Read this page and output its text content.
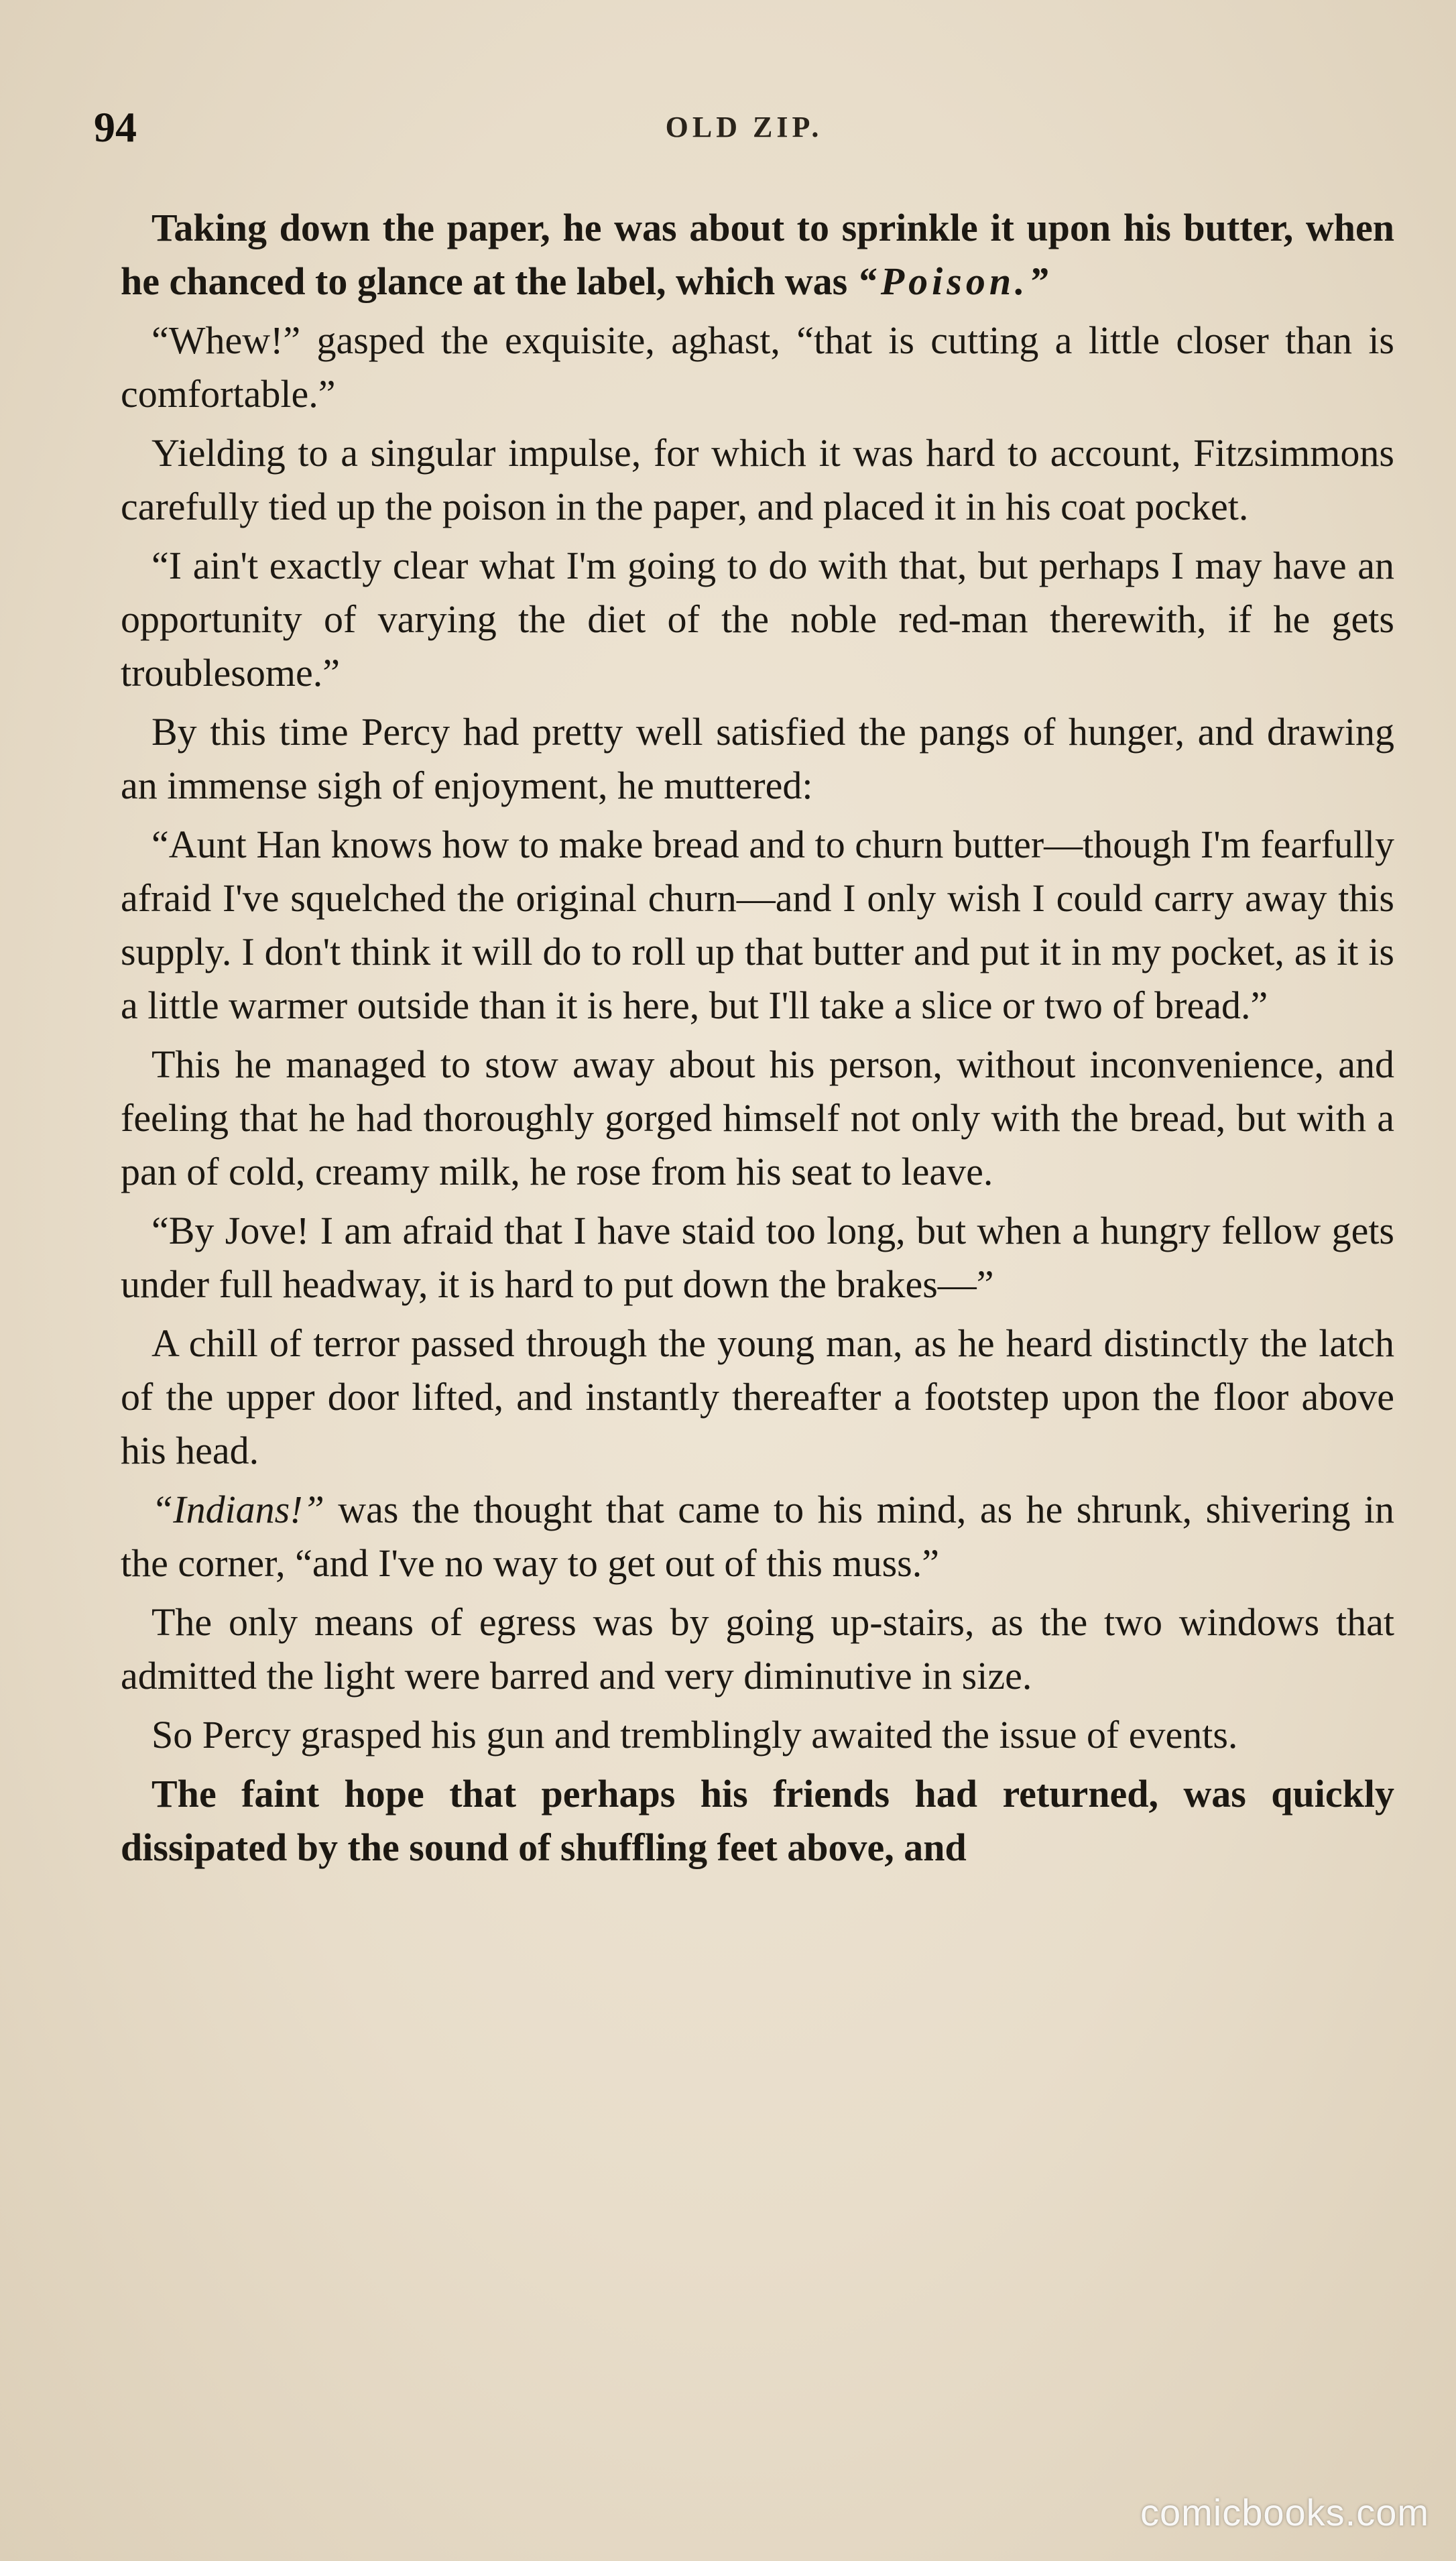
94	OLD ZIP.

Taking down the paper, he was about to sprinkle it upon his butter, when he chanced to glance at the label, which was “Poison.”

“Whew!” gasped the exquisite, aghast, “that is cutting a little closer than is comfortable.”

Yielding to a singular impulse, for which it was hard to account, Fitzsimmons carefully tied up the poison in the paper, and placed it in his coat pocket.

“I ain't exactly clear what I'm going to do with that, but perhaps I may have an opportunity of varying the diet of the noble red-man therewith, if he gets troublesome.”

By this time Percy had pretty well satisfied the pangs of hunger, and drawing an immense sigh of enjoyment, he muttered:

“Aunt Han knows how to make bread and to churn butter—though I'm fearfully afraid I've squelched the original churn—and I only wish I could carry away this supply. I don't think it will do to roll up that butter and put it in my pocket, as it is a little warmer outside than it is here, but I'll take a slice or two of bread.”

This he managed to stow away about his person, without inconvenience, and feeling that he had thoroughly gorged himself not only with the bread, but with a pan of cold, creamy milk, he rose from his seat to leave.

“By Jove! I am afraid that I have staid too long, but when a hungry fellow gets under full headway, it is hard to put down the brakes—”

A chill of terror passed through the young man, as he heard distinctly the latch of the upper door lifted, and instantly thereafter a footstep upon the floor above his head.

“Indians!” was the thought that came to his mind, as he shrunk, shivering in the corner, “and I've no way to get out of this muss.”

The only means of egress was by going up-stairs, as the two windows that admitted the light were barred and very diminutive in size.

So Percy grasped his gun and tremblingly awaited the issue of events.

The faint hope that perhaps his friends had returned, was quickly dissipated by the sound of shuffling feet above, and

comicbooks.com
